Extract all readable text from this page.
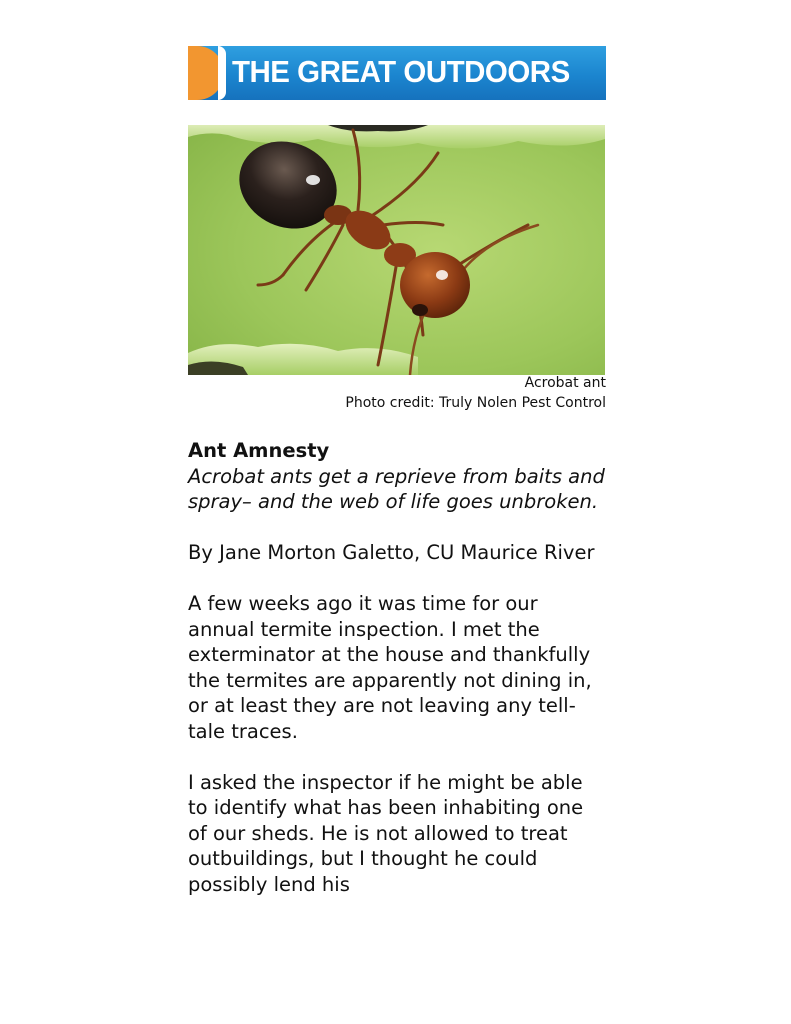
THE GREAT OUTDOORS
Acrobat ant
Photo credit: Truly Nolen Pest Control

Ant Amnesty

Acrobat ants get a reprieve from baits and spray– and the web of life goes unbroken.

By Jane Morton Galetto, CU Maurice River

A few weeks ago it was time for our annual termite inspection. I met the exterminator at the house and thankfully the termites are apparently not dining in, or at least they are not leaving any tell-tale traces.

I asked the inspector if he might be able to identify what has been inhabiting one of our sheds. He is not allowed to treat outbuildings, but I thought he could possibly lend his
